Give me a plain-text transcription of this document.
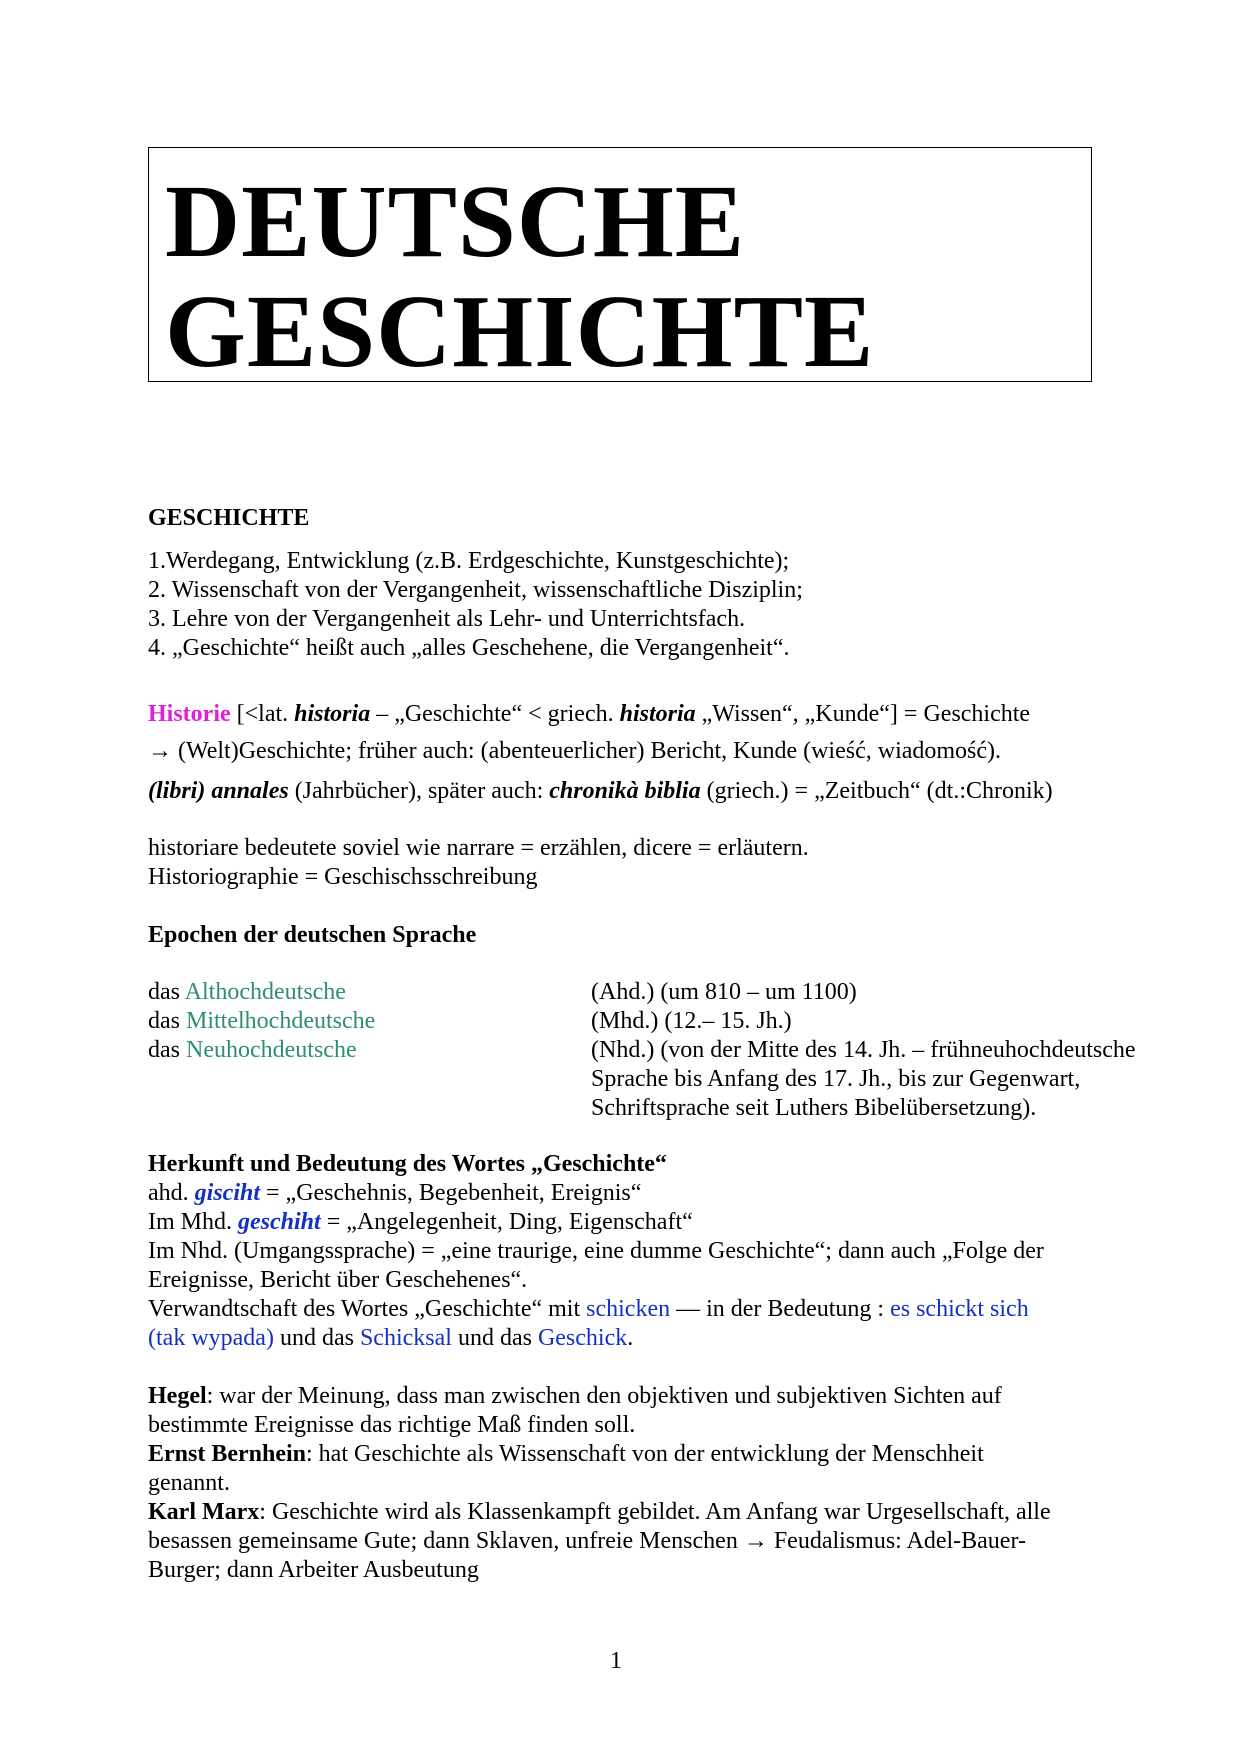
DEUTSCHE
GESCHICHTE
GESCHICHTE
1.Werdegang, Entwicklung (z.B. Erdgeschichte, Kunstgeschichte);
2. Wissenschaft von der Vergangenheit, wissenschaftliche Disziplin;
3. Lehre von der Vergangenheit als Lehr- und Unterrichtsfach.
4. „Geschichte“ heißt auch „alles Geschehene, die Vergangenheit“.
Historie [<lat. historia – „Geschichte“ < griech. historia „Wissen“, „Kunde“] = Geschichte
→ (Welt)Geschichte; früher auch: (abenteuerlicher) Bericht, Kunde (wieść, wiadomość).
(libri) annales (Jahrbücher), später auch: chronikà biblia (griech.) = „Zeitbuch“ (dt.:Chronik)
historiare bedeutete soviel wie narrare = erzählen, dicere = erläutern.
Historiographie = Geschischsschreibung
Epochen der deutschen Sprache
das Althochdeutsche	(Ahd.) (um 810 – um 1100)
das Mittelhochdeutsche	(Mhd.) (12.– 15. Jh.)
das Neuhochdeutsche	(Nhd.) (von der Mitte des 14. Jh. – frühneuhochdeutsche
Sprache bis Anfang des 17. Jh., bis zur Gegenwart,
Schriftsprache seit Luthers Bibelübersetzung).
Herkunft und Bedeutung des Wortes „Geschichte“
ahd. gisciht = „Geschehnis, Begebenheit, Ereignis“
Im Mhd. geschiht = „Angelegenheit, Ding, Eigenschaft“
Im Nhd. (Umgangssprache) = „eine traurige, eine dumme Geschichte“; dann auch „Folge der
Ereignisse, Bericht über Geschehenes“.
Verwandtschaft des Wortes „Geschichte“ mit schicken — in der Bedeutung : es schickt sich
(tak wypada) und das Schicksal und das Geschick.
Hegel: war der Meinung, dass man zwischen den objektiven und subjektiven Sichten auf
bestimmte Ereignisse das richtige Maß finden soll.
Ernst Bernhein: hat Geschichte als Wissenschaft von der entwicklung der Menschheit
genannt.
Karl Marx: Geschichte wird als Klassenkampft gebildet. Am Anfang war Urgesellschaft, alle
besassen gemeinsame Gute; dann Sklaven, unfreie Menschen → Feudalismus: Adel-Bauer-
Burger; dann Arbeiter Ausbeutung
1
